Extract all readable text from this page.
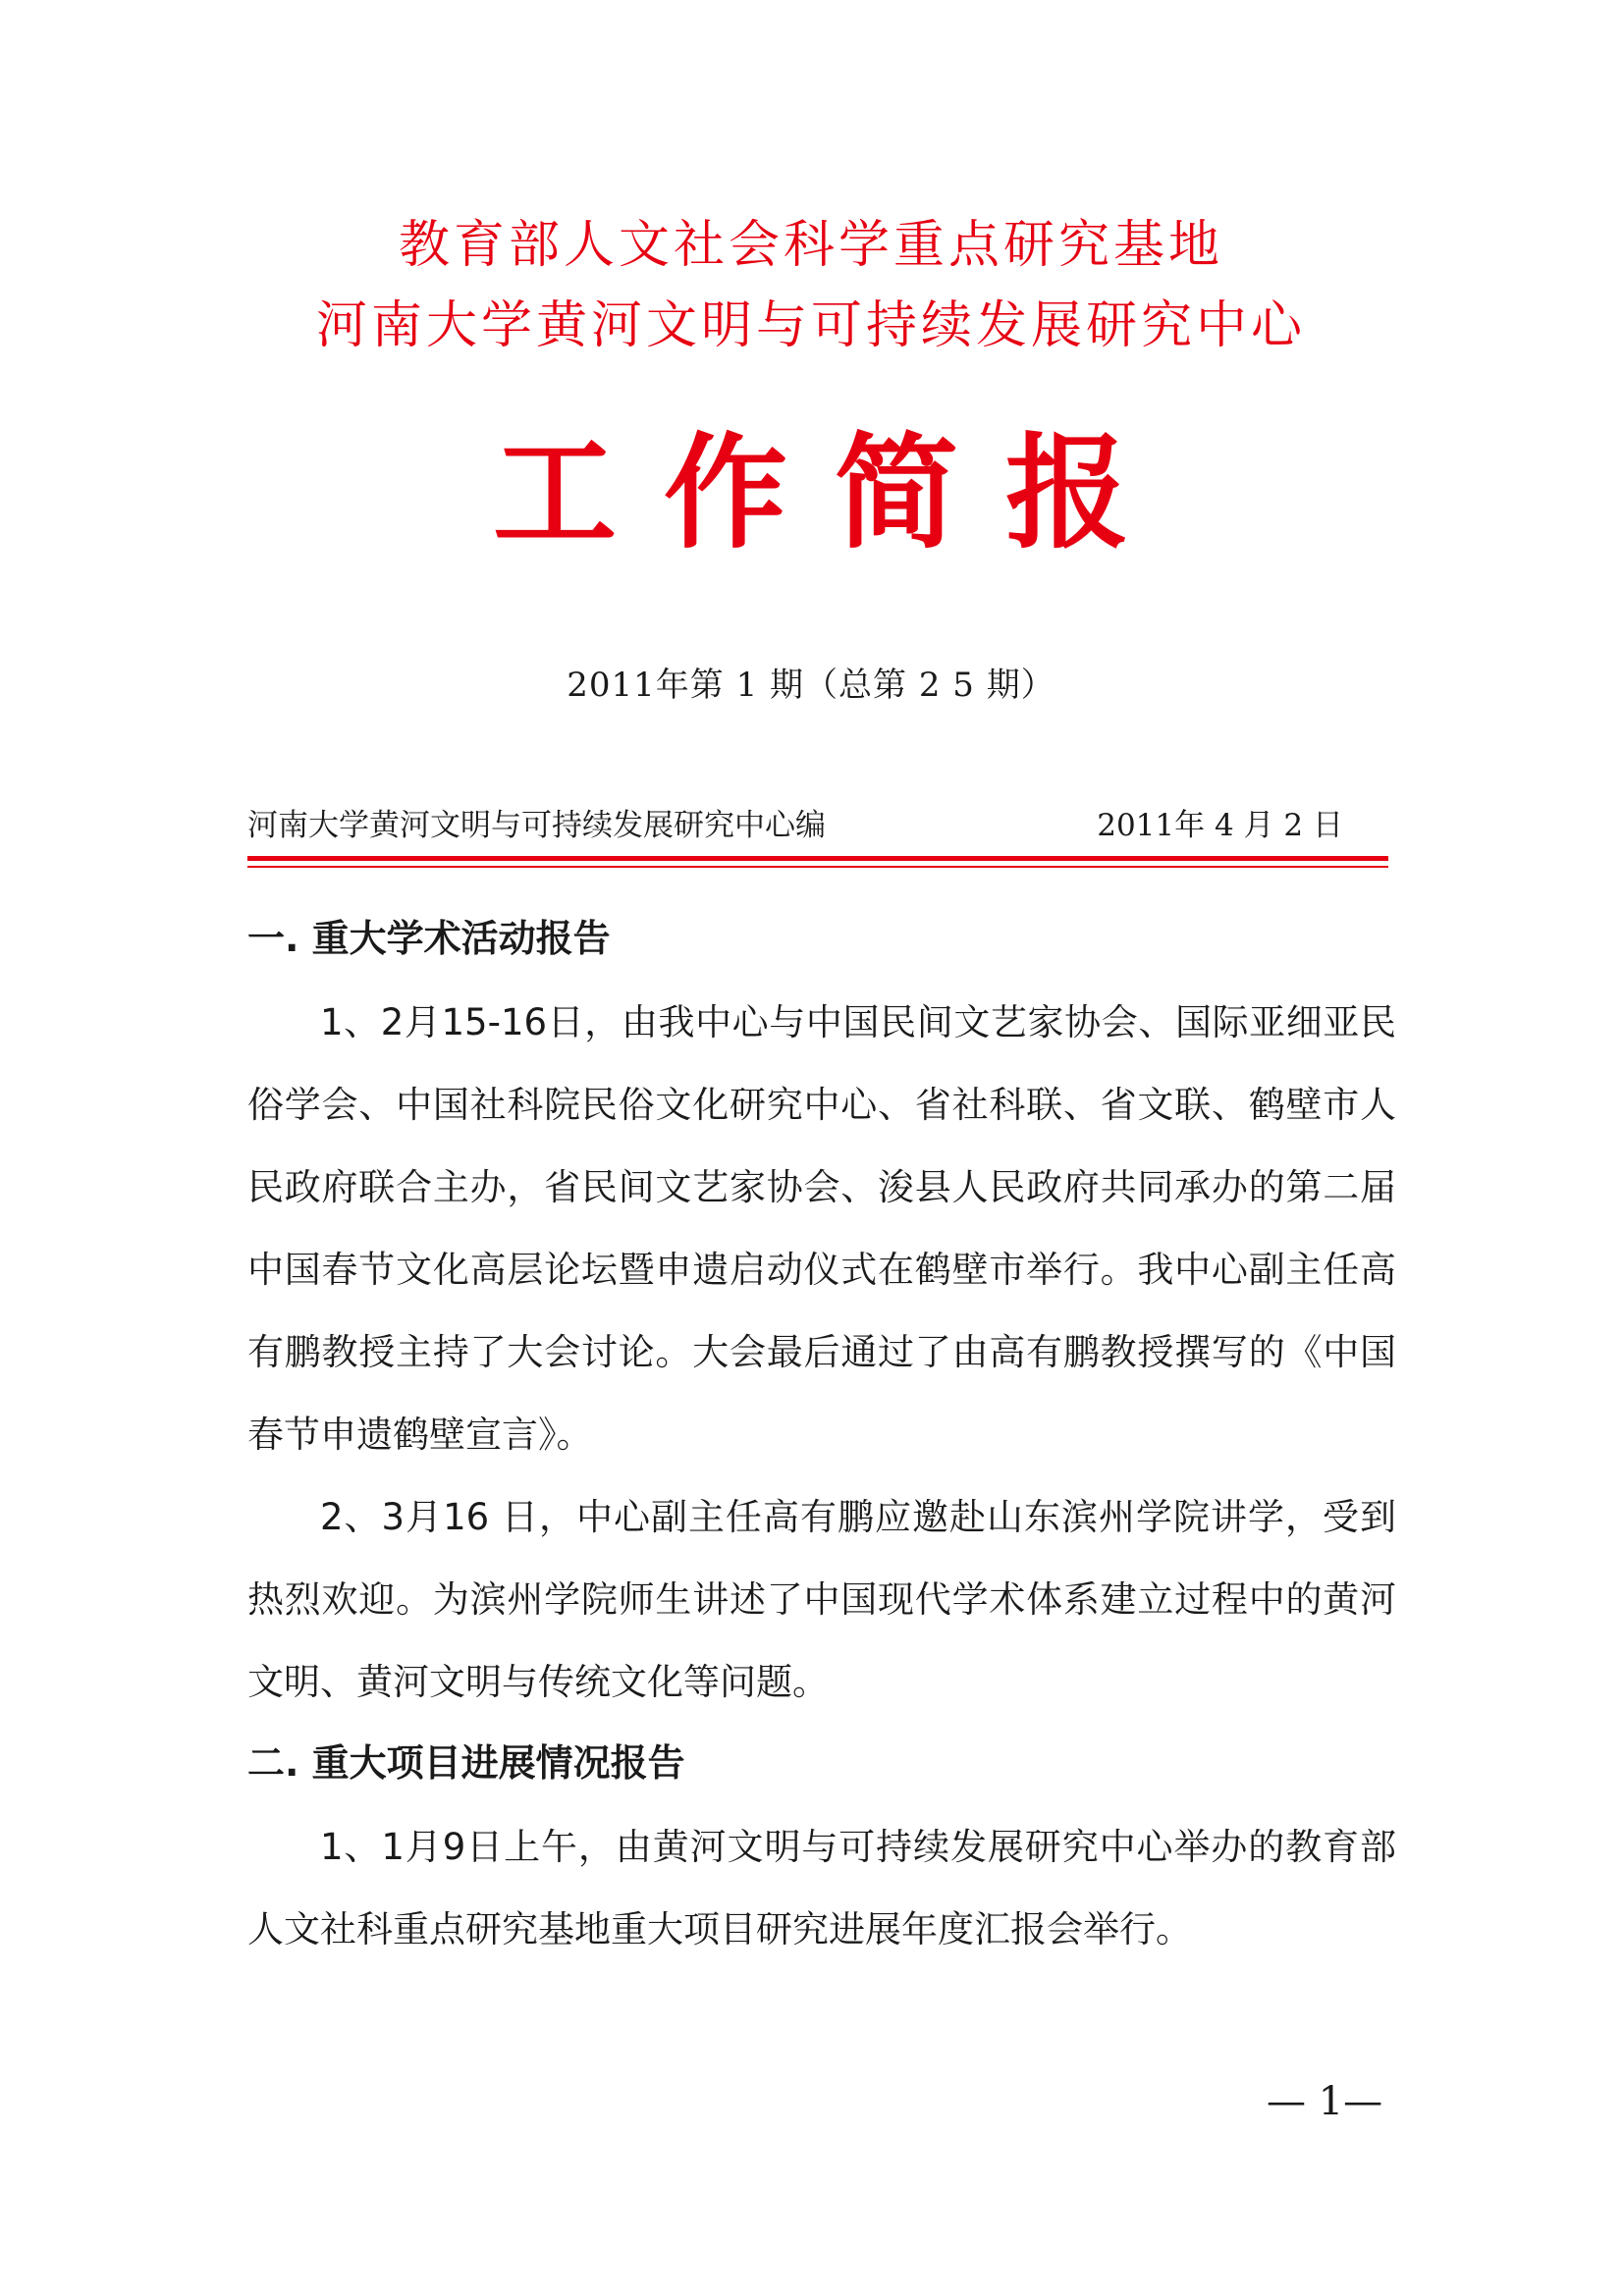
教育部人文社会科学重点研究基地
河南大学黄河文明与可持续发展研究中心
工作简报
2011年第 1 期（总第 2 5 期）
河南大学黄河文明与可持续发展研究中心编	2011年 4 月 2 日
一. 重大学术活动报告
1、2月15-16日，由我中心与中国民间文艺家协会、国际亚细亚民俗学会、中国社科院民俗文化研究中心、省社科联、省文联、鹤壁市人民政府联合主办，省民间文艺家协会、浚县人民政府共同承办的第二届中国春节文化高层论坛暨申遗启动仪式在鹤壁市举行。我中心副主任高有鹏教授主持了大会讨论。大会最后通过了由高有鹏教授撰写的《中国春节申遗鹤壁宣言》。
2、3月16 日，中心副主任高有鹏应邀赴山东滨州学院讲学，受到热烈欢迎。为滨州学院师生讲述了中国现代学术体系建立过程中的黄河文明、黄河文明与传统文化等问题。
二. 重大项目进展情况报告
1、1月9日上午，由黄河文明与可持续发展研究中心举办的教育部人文社科重点研究基地重大项目研究进展年度汇报会举行。
— 1—
